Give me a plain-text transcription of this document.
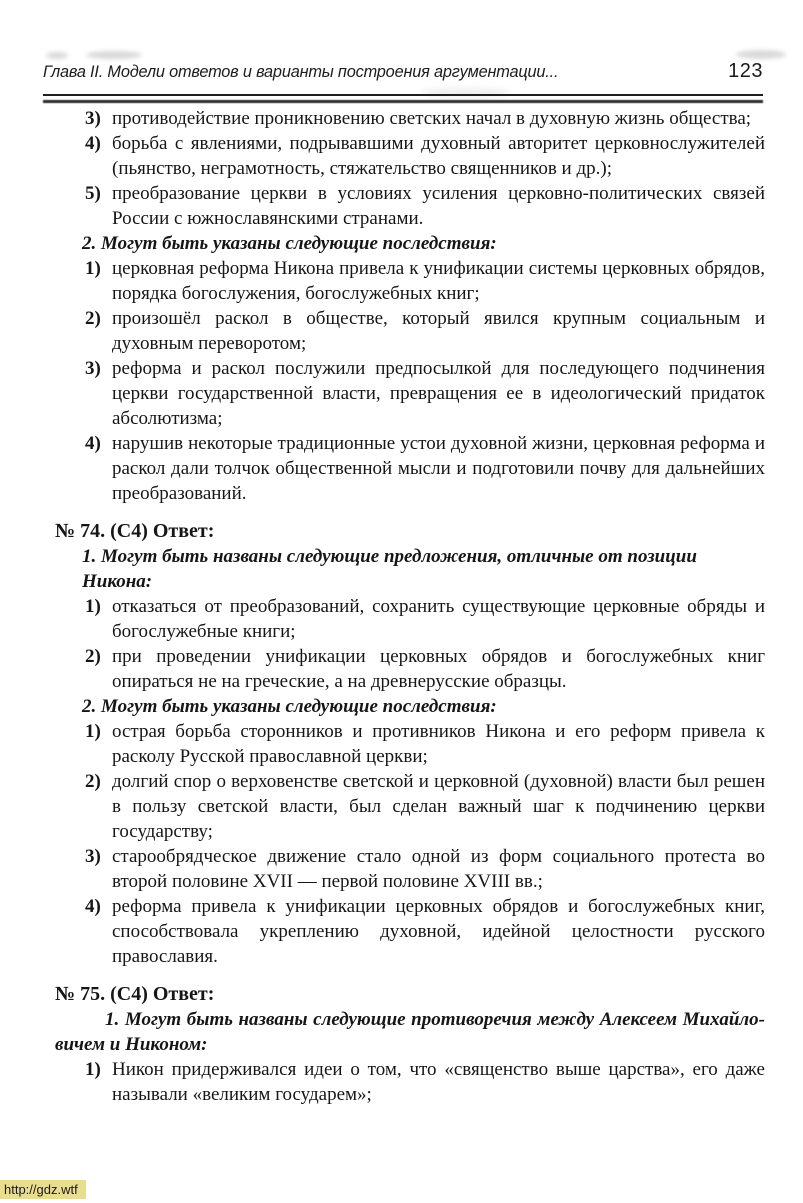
Глава II. Модели ответов и варианты построения аргументации...	123
3) противодействие проникновению светских начал в духовную жизнь общества;
4) борьба с явлениями, подрывавшими духовный авторитет церковнослужителей (пьянство, неграмотность, стяжательство священников и др.);
5) преобразование церкви в условиях усиления церковно-политических связей России с южнославянскими странами.

2. Могут быть указаны следующие последствия:

1) церковная реформа Никона привела к унификации системы церковных обрядов, порядка богослужения, богослужебных книг;
2) произошёл раскол в обществе, который явился крупным социальным и духовным переворотом;
3) реформа и раскол послужили предпосылкой для последующего подчинения церкви государственной власти, превращения ее в идеологический придаток абсолютизма;
4) нарушив некоторые традиционные устои духовной жизни, церковная реформа и раскол дали толчок общественной мысли и подготовили почву для дальнейших преобразований.
№ 74. (С4) Ответ:

1. Могут быть названы следующие предложения, отличные от позиции Никона:

1) отказаться от преобразований, сохранить существующие церковные обряды и богослужебные книги;
2) при проведении унификации церковных обрядов и богослужебных книг опираться не на греческие, а на древнерусские образцы.

2. Могут быть указаны следующие последствия:

1) острая борьба сторонников и противников Никона и его реформ привела к расколу Русской православной церкви;
2) долгий спор о верховенстве светской и церковной (духовной) власти был решен в пользу светской власти, был сделан важный шаг к подчинению церкви государству;
3) старообрядческое движение стало одной из форм социального протеста во второй половине XVII — первой половине XVIII вв.;
4) реформа привела к унификации церковных обрядов и богослужебных книг, способствовала укреплению духовной, идейной целостности русского православия.
№ 75. (С4) Ответ:

1. Могут быть названы следующие противоречия между Алексеем Михайловичем и Никоном:

1) Никон придерживался идеи о том, что «священство выше царства», его даже называли «великим государем»;
http://gdz.wtf
